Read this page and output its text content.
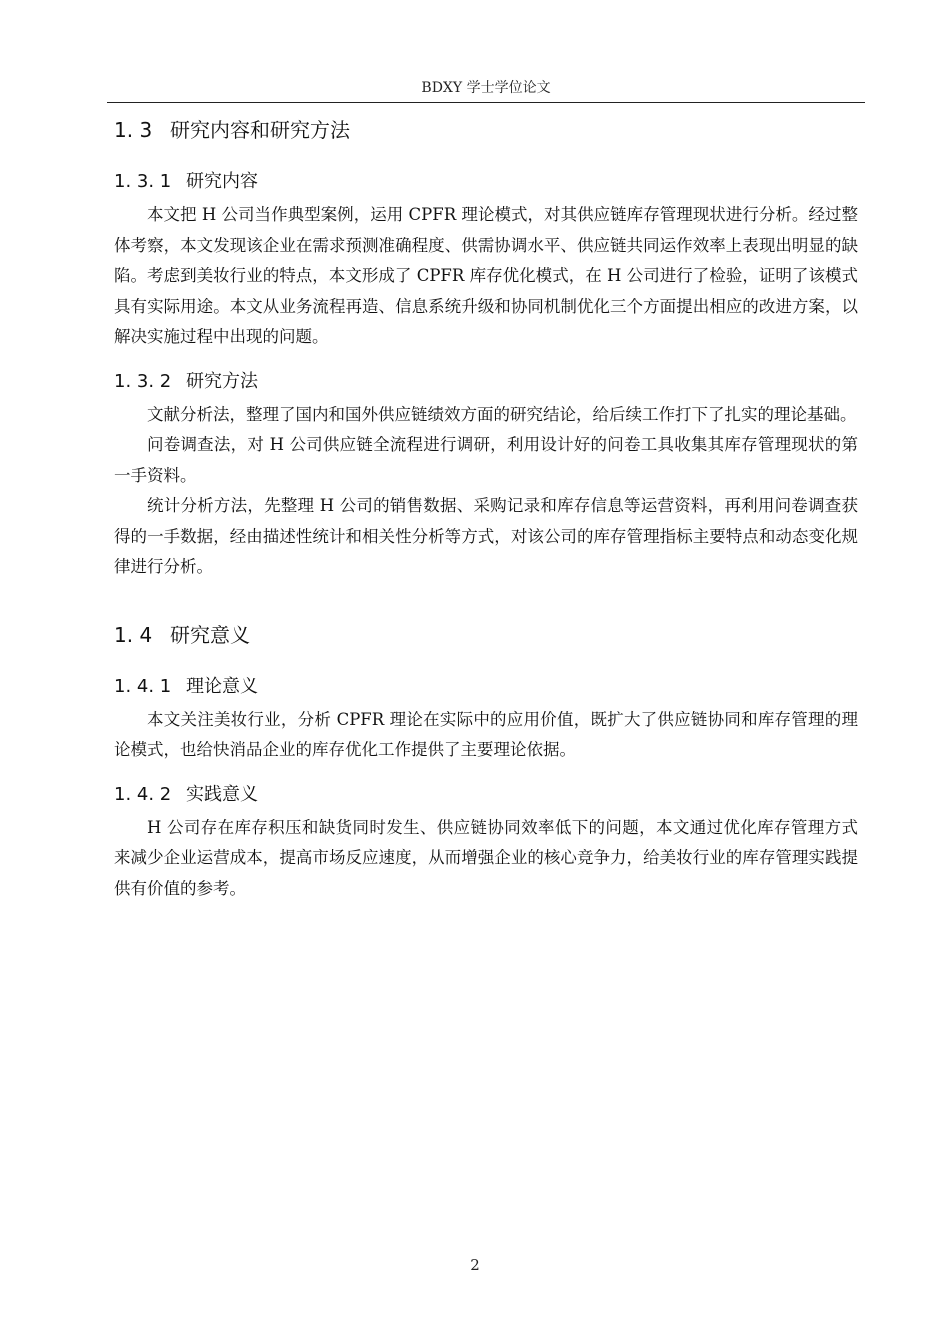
BDXY 学士学位论文
1. 3 研究内容和研究方法
1. 3. 1 研究内容

本文把 H 公司当作典型案例，运用 CPFR 理论模式，对其供应链库存管理现状进行分析。经过整体考察，本文发现该企业在需求预测准确程度、供需协调水平、供应链共同运作效率上表现出明显的缺陷。考虑到美妆行业的特点，本文形成了 CPFR 库存优化模式，在 H 公司进行了检验，证明了该模式具有实际用途。本文从业务流程再造、信息系统升级和协同机制优化三个方面提出相应的改进方案，以解决实施过程中出现的问题。

1. 3. 2 研究方法

文献分析法，整理了国内和国外供应链绩效方面的研究结论，给后续工作打下了扎实的理论基础。

问卷调查法，对 H 公司供应链全流程进行调研，利用设计好的问卷工具收集其库存管理现状的第一手资料。

统计分析方法，先整理 H 公司的销售数据、采购记录和库存信息等运营资料，再利用问卷调查获得的一手数据，经由描述性统计和相关性分析等方式，对该公司的库存管理指标主要特点和动态变化规律进行分析。

1. 4 研究意义
1. 4. 1 理论意义

本文关注美妆行业，分析 CPFR 理论在实际中的应用价值，既扩大了供应链协同和库存管理的理论模式，也给快消品企业的库存优化工作提供了主要理论依据。

1. 4. 2 实践意义

H 公司存在库存积压和缺货同时发生、供应链协同效率低下的问题，本文通过优化库存管理方式来减少企业运营成本，提高市场反应速度，从而增强企业的核心竞争力，给美妆行业的库存管理实践提供有价值的参考。

2
